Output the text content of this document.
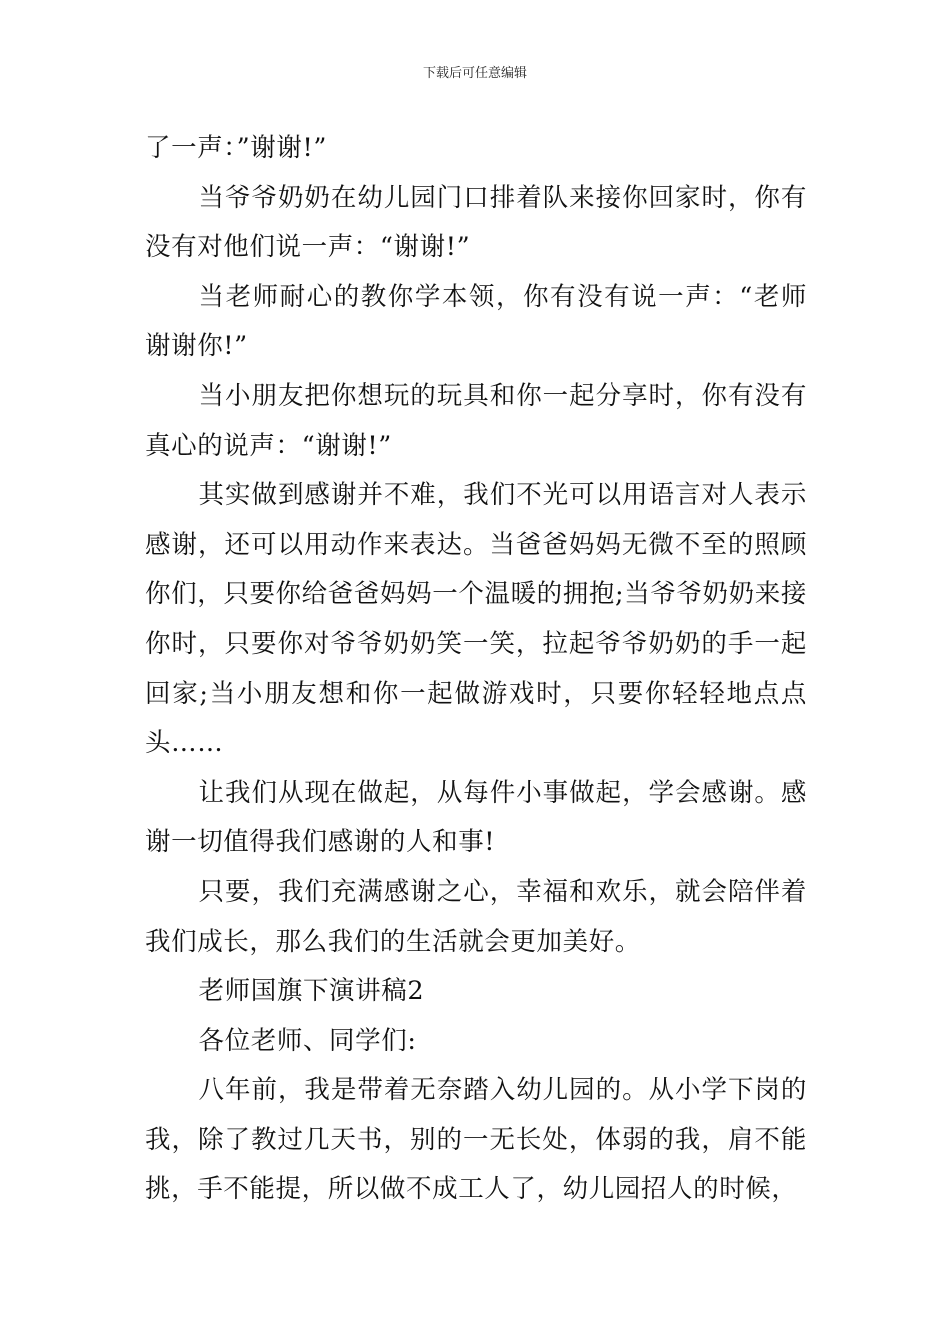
下载后可任意编辑

了一声：”谢谢!”

当爷爷奶奶在幼儿园门口排着队来接你回家时，你有没有对他们说一声：“谢谢!”

当老师耐心的教你学本领，你有没有说一声：“老师谢谢你!”

当小朋友把你想玩的玩具和你一起分享时，你有没有真心的说声：“谢谢!”

其实做到感谢并不难，我们不光可以用语言对人表示感谢，还可以用动作来表达。当爸爸妈妈无微不至的照顾你们，只要你给爸爸妈妈一个温暖的拥抱;当爷爷奶奶来接你时，只要你对爷爷奶奶笑一笑，拉起爷爷奶奶的手一起回家;当小朋友想和你一起做游戏时，只要你轻轻地点点头……

让我们从现在做起，从每件小事做起，学会感谢。感谢一切值得我们感谢的人和事!

只要，我们充满感谢之心，幸福和欢乐，就会陪伴着我们成长，那么我们的生活就会更加美好。

老师国旗下演讲稿2

各位老师、同学们:

八年前，我是带着无奈踏入幼儿园的。从小学下岗的我，除了教过几天书，别的一无长处，体弱的我，肩不能挑，手不能提，所以做不成工人了，幼儿园招人的时候，
